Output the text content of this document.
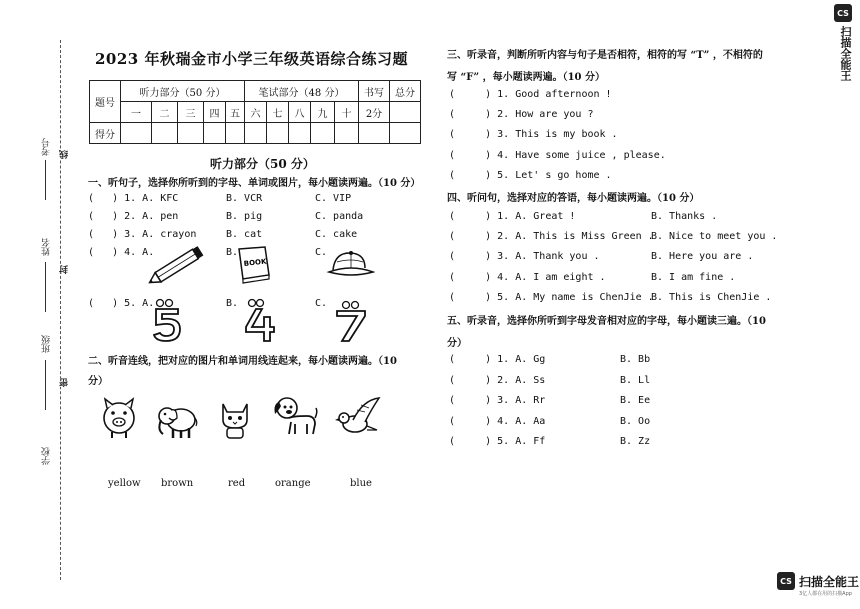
考号
姓名
班级
学校
线
封
密
2023 年秋瑞金市小学三年级英语综合练习题
题号	听力部分（50 分）					笔试部分（48 分）					书写	总分
	一	二	三	四	五	六	七	八	九	十	2分	
得分												
听力部分（50 分）
一、听句子，选择你所听到的字母、单词或图片，每小题读两遍。（10 分）
(   ) 1. A. KFC	B. VCR	C. VIP
(   ) 2. A. pen	B. pig	C. panda
(   ) 3. A. crayon	B. cat	C. cake
(   ) 4. A.	B.	C.
BOOK
(   ) 5. A.	B.	C.
二、听音连线，把对应的图片和单词用线连起来，每小题读两遍。（10
分）
yellow brown	red	orange	blue
三、听录音，判断所听内容与句子是否相符，相符的写 “T” ，不相符的
写 “F” ，每小题读两遍。（10 分）
(     ) 1. Good afternoon !
(     ) 2. How are you ?
(     ) 3. This is my book .
(     ) 4. Have some juice , please.
(     ) 5. Let' s go home .
四、听问句，选择对应的答语，每小题读两遍。（10 分）
(     ) 1. A. Great !	B. Thanks .
(     ) 2. A. This is Miss Green .
B. Nice to meet you .
(     ) 3. A. Thank you .	B. Here you are .
(     ) 4. A. I am eight .	B. I am fine .
(     ) 5. A. My name is ChenJie .
B. This is ChenJie .
五、听录音，选择你所听到字母发音相对应的字母，每小题读三遍。（10
分）
(     ) 1. A. Gg	B. Bb
(     ) 2. A. Ss	B. Ll
(     ) 3. A. Rr	B. Ee
(     ) 4. A. Aa	B. Oo
(     ) 5. A. Ff	B. Zz
CS
扫描全能王
CS 扫描全能王
3亿人都在用的扫描App
